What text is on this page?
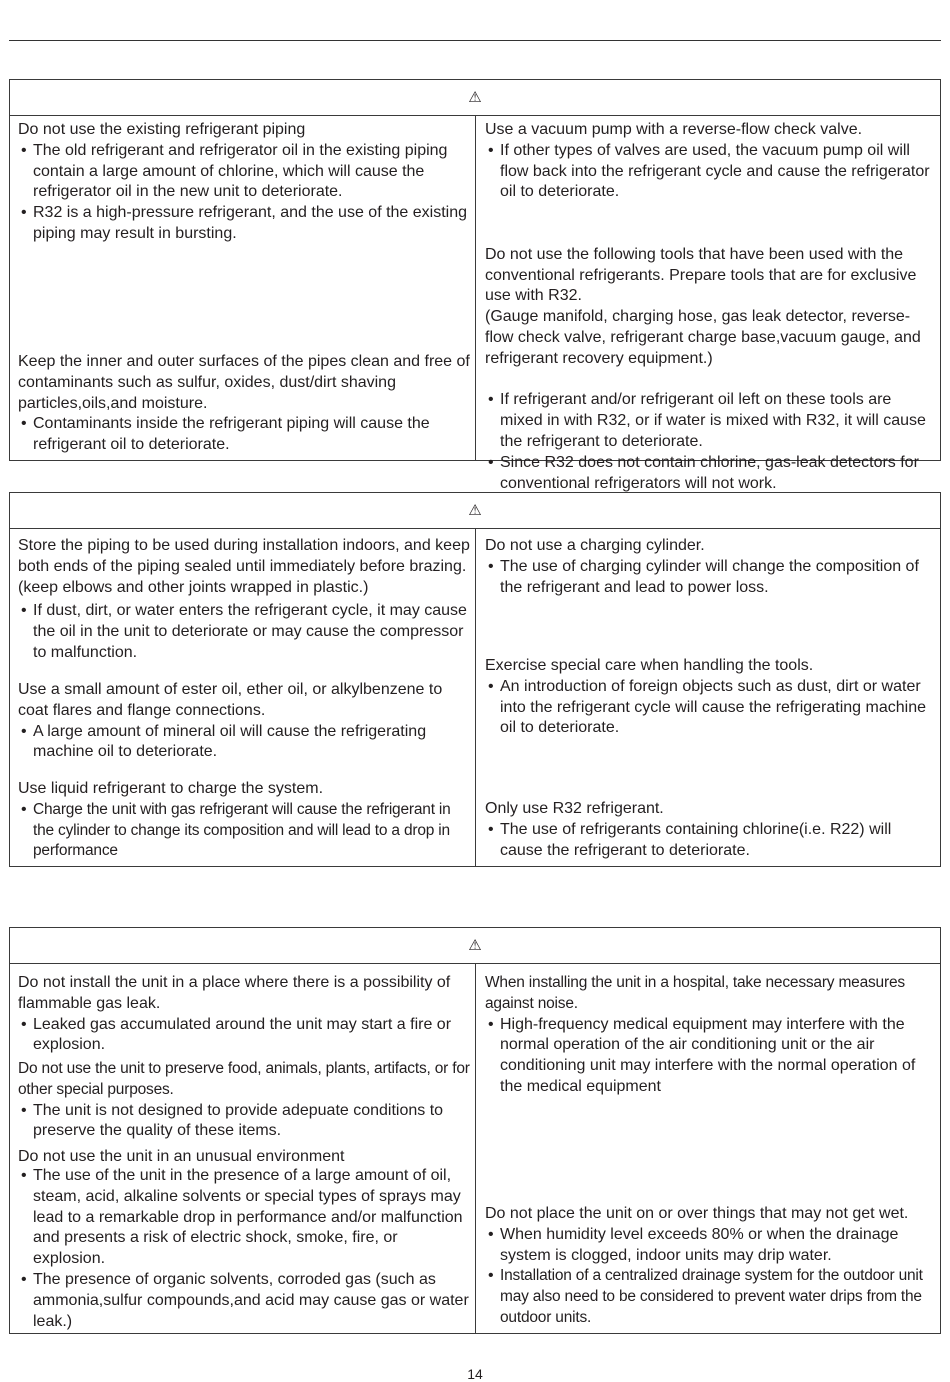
⚠

Do not use the existing refrigerant piping

• The old refrigerant and refrigerator oil in the existing piping contain a large amount of chlorine, which will cause the refrigerator oil in the new unit to deteriorate.
• R32 is a high-pressure refrigerant, and the use of the existing piping may result in bursting.

Keep the inner and outer surfaces of the pipes clean and free of contaminants such as sulfur, oxides, dust/dirt shaving particles,oils,and moisture.

• Contaminants inside the refrigerant piping will cause the refrigerant oil to deteriorate.

Use a vacuum pump with a reverse-flow check valve.

• If other types of valves are used, the vacuum pump oil will flow back into the refrigerant cycle and cause the refrigerator oil to deteriorate.

Do not use the following tools that have been used with the conventional refrigerants. Prepare tools that are for exclusive use with R32.
(Gauge manifold, charging hose, gas leak detector, reverse-flow check valve, refrigerant charge base,vacuum gauge, and refrigerant recovery equipment.)

• If refrigerant and/or refrigerant oil left on these tools are mixed in with R32, or if water is mixed with R32, it will cause the refrigerant to deteriorate.
• Since R32 does not contain chlorine, gas-leak detectors for conventional refrigerators will not work.

⚠

Store the piping to be used during installation indoors, and keep both ends of the piping sealed until immediately before brazing.(keep elbows and other joints wrapped in plastic.)

• If dust, dirt, or water enters the refrigerant cycle, it may cause the oil in the unit to deteriorate or may cause the compressor to malfunction.

Use a small amount of ester oil, ether oil, or alkylbenzene to coat flares and flange connections.

• A large amount of mineral oil will cause the refrigerating machine oil to deteriorate.

Use liquid refrigerant to charge the system.

• Charge the unit with gas refrigerant will cause the refrigerant in the cylinder to change its composition and will lead to a drop in performance

Do not use a charging cylinder.

• The use of charging cylinder will change the composition of the refrigerant and lead to power loss.

Exercise special care when handling the tools.

• An introduction of foreign objects such as dust, dirt or water into the refrigerant cycle will cause the refrigerating machine oil to deteriorate.

Only use R32 refrigerant.

• The use of refrigerants containing chlorine(i.e. R22) will cause the refrigerant to deteriorate.
⚠

Do not install the unit in a place where there is a possibility of flammable gas leak.

• Leaked gas accumulated around the unit may start a fire or explosion.

Do not use the unit to preserve food, animals, plants, artifacts, or for other special purposes.

• The unit is not designed to provide adepuate conditions to preserve the quality of these items.

Do not use the unit in an unusual environment

• The use of the unit in the presence of a large amount of oil, steam, acid, alkaline solvents or special types of sprays may lead to a remarkable drop in performance and/or malfunction and presents a risk of electric shock, smoke, fire, or explosion.
• The presence of organic solvents, corroded gas (such as ammonia,sulfur compounds,and acid may cause gas or water leak.)

When installing the unit in a hospital, take necessary measures against noise.

• High-frequency medical equipment may interfere with the normal operation of the air conditioning unit or the air conditioning unit may interfere with the normal operation of the medical equipment

Do not place the unit on or over things that may not get wet.

• When humidity level exceeds 80% or when the drainage system is clogged, indoor units may drip water.
• Installation of a centralized drainage system for the outdoor unit may also need to be considered to prevent water drips from the outdoor units.
14
